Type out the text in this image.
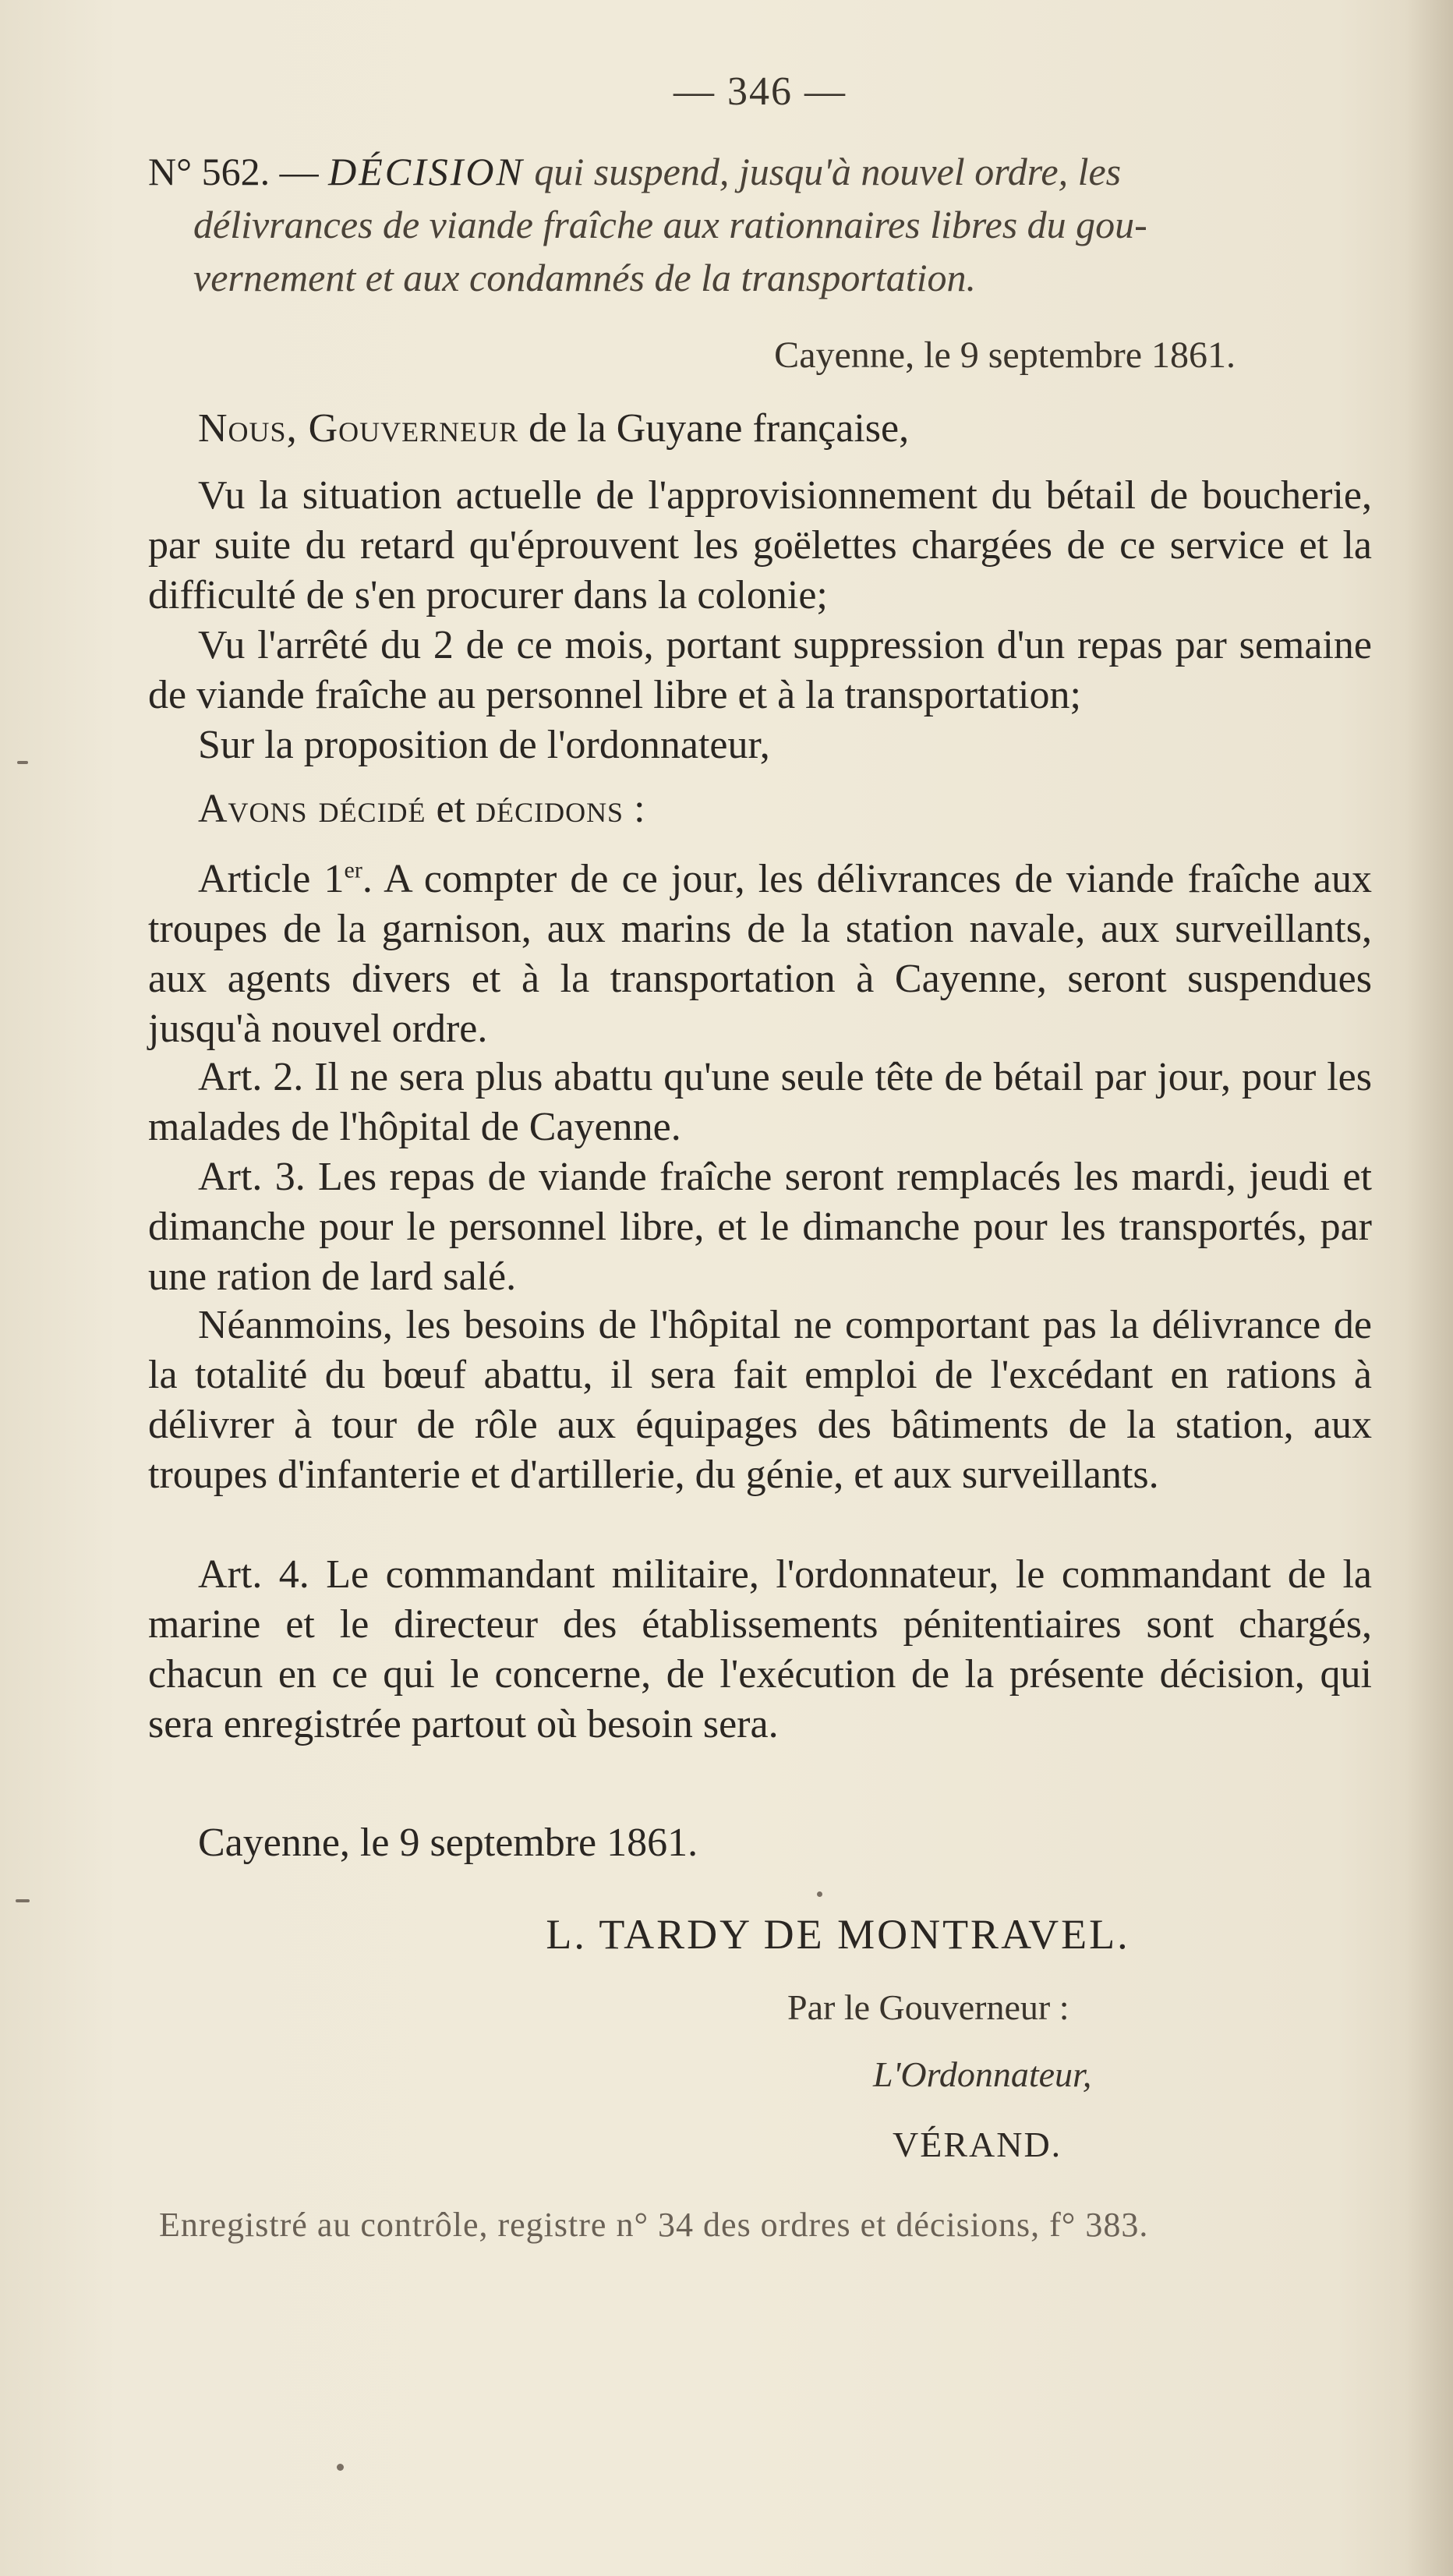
— 346 —
N° 562. — DÉCISION qui suspend, jusqu'à nouvel ordre, les
délivrances de viande fraîche aux rationnaires libres du gou-
vernement et aux condamnés de la transportation.
Cayenne, le 9 septembre 1861.

Nous, Gouverneur de la Guyane française,

Vu la situation actuelle de l'approvisionnement du bétail de boucherie, par suite du retard qu'éprouvent les goëlettes chargées de ce service et la difficulté de s'en procurer dans la colonie;

Vu l'arrêté du 2 de ce mois, portant suppression d'un repas par semaine de viande fraîche au personnel libre et à la transportation;

Sur la proposition de l'ordonnateur,

Avons décidé et décidons :

Article 1er. A compter de ce jour, les délivrances de viande fraîche aux troupes de la garnison, aux marins de la station navale, aux surveillants, aux agents divers et à la transportation à Cayenne, seront suspendues jusqu'à nouvel ordre.

Art. 2. Il ne sera plus abattu qu'une seule tête de bétail par jour, pour les malades de l'hôpital de Cayenne.

Art. 3. Les repas de viande fraîche seront remplacés les mardi, jeudi et dimanche pour le personnel libre, et le dimanche pour les transportés, par une ration de lard salé.

Néanmoins, les besoins de l'hôpital ne comportant pas la délivrance de la totalité du bœuf abattu, il sera fait emploi de l'excédant en rations à délivrer à tour de rôle aux équipages des bâtiments de la station, aux troupes d'infanterie et d'artillerie, du génie, et aux surveillants.

Art. 4. Le commandant militaire, l'ordonnateur, le commandant de la marine et le directeur des établissements pénitentiaires sont chargés, chacun en ce qui le concerne, de l'exécution de la présente décision, qui sera enregistrée partout où besoin sera.

Cayenne, le 9 septembre 1861.

L. TARDY DE MONTRAVEL.
Par le Gouverneur :
L'Ordonnateur,
VÉRAND.
Enregistré au contrôle, registre n° 34 des ordres et décisions, f° 383.
